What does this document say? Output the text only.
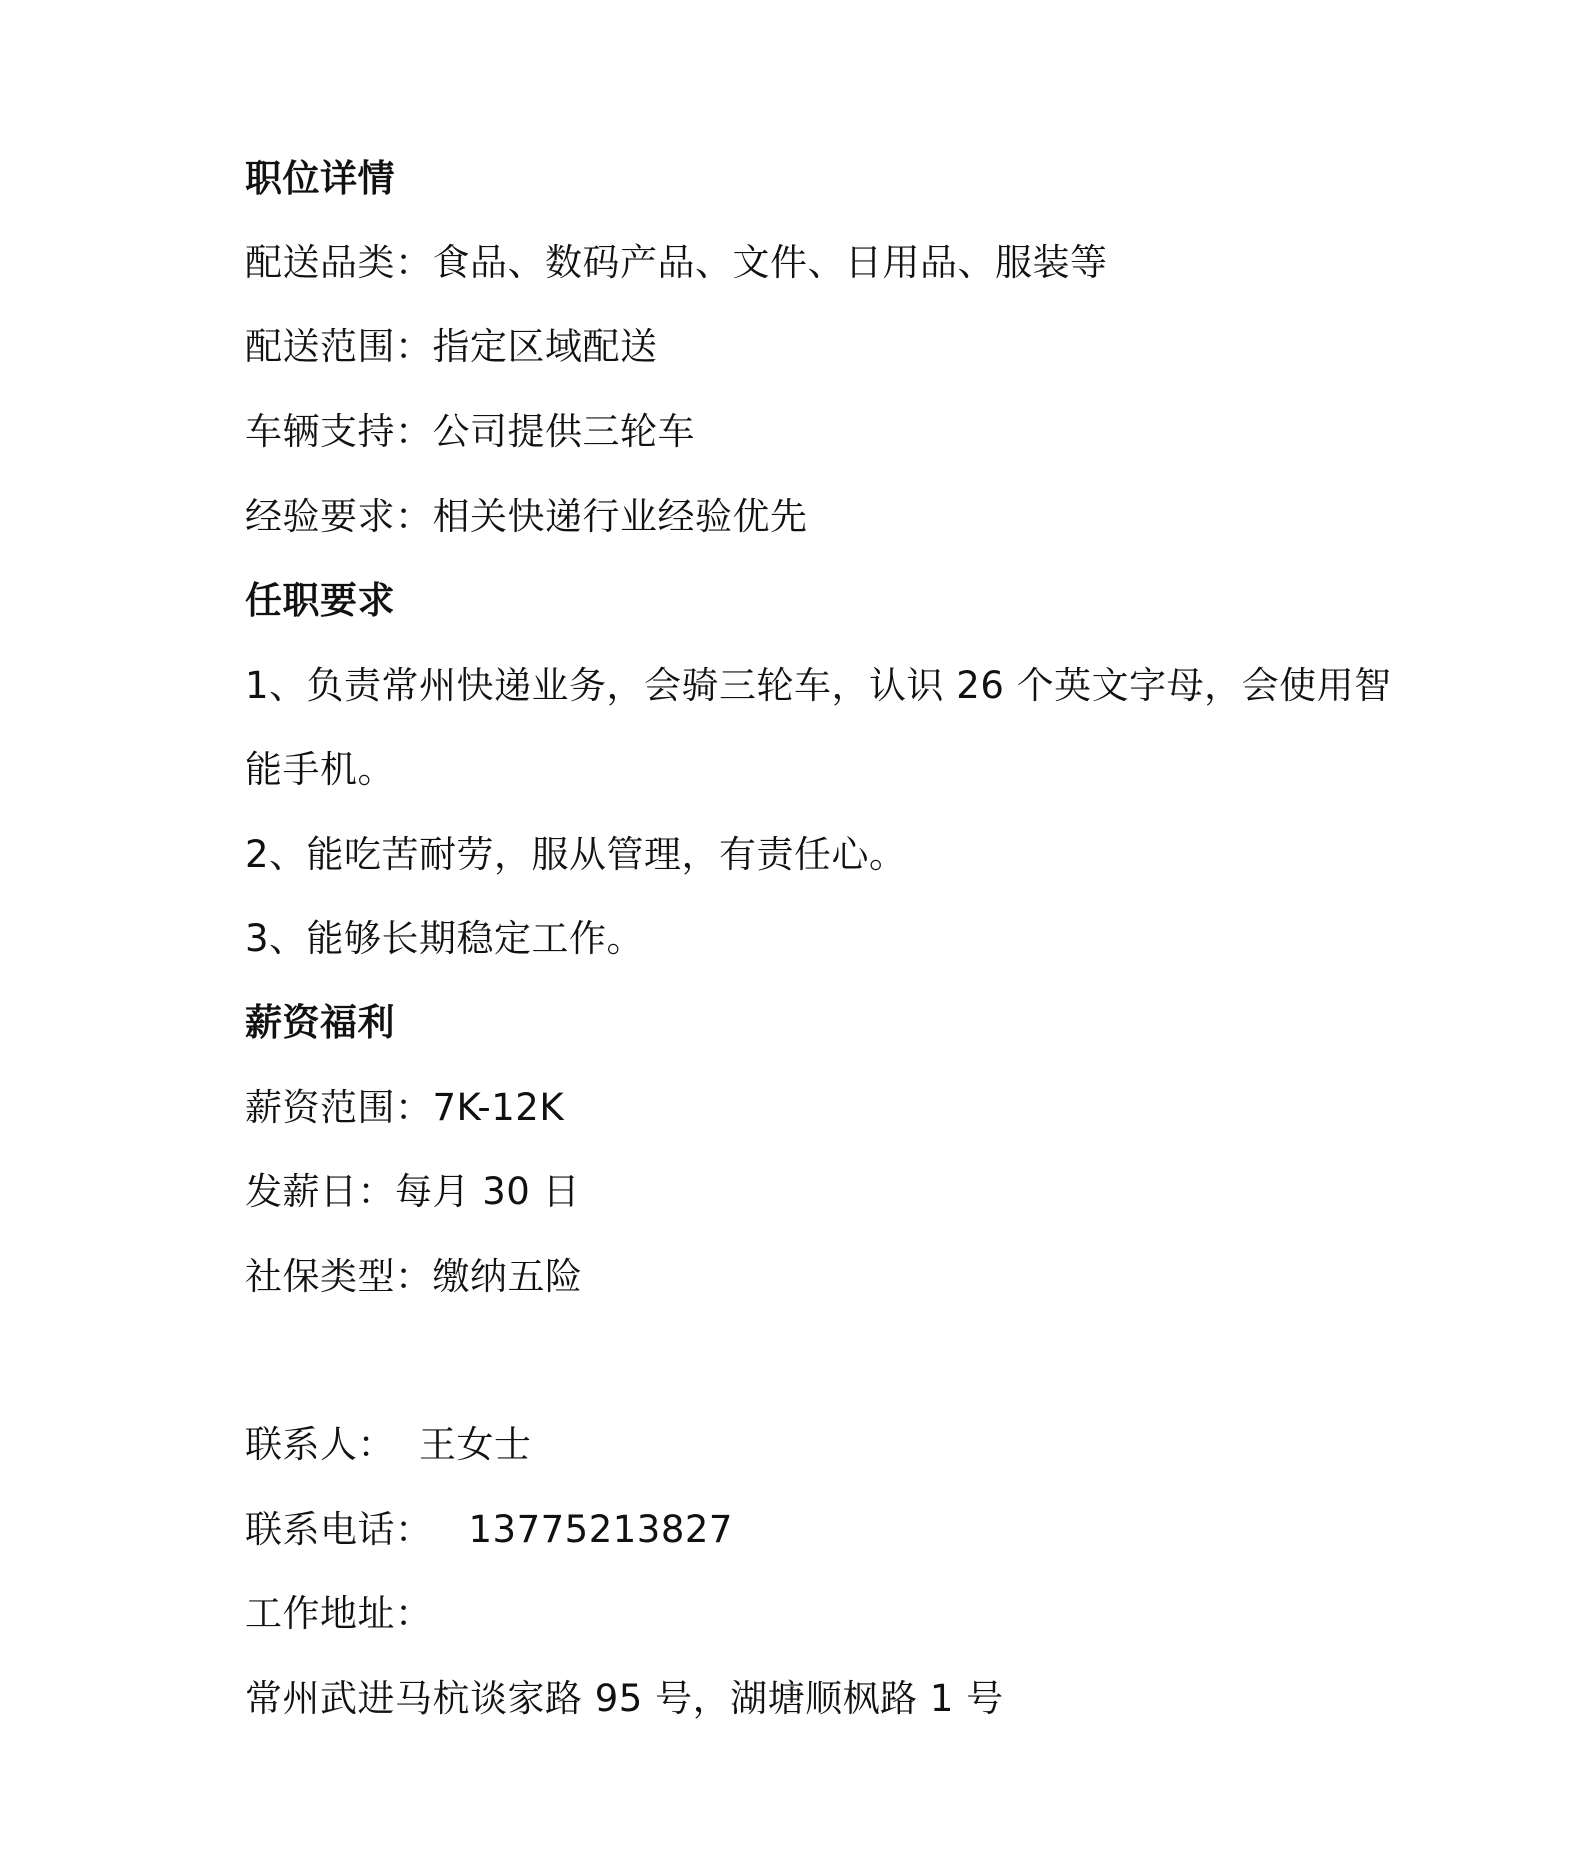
职位详情
配送品类：食品、数码产品、文件、日用品、服装等
配送范围：指定区域配送
车辆支持：公司提供三轮车
经验要求：相关快递行业经验优先
任职要求
1、负责常州快递业务，会骑三轮车，认识 26 个英文字母，会使用智
能手机。
2、能吃苦耐劳，服从管理，有责任心。
3、能够长期稳定工作。
薪资福利
薪资范围：7K-12K
发薪日：每月 30 日
社保类型：缴纳五险
联系人： 王女士
联系电话： 13775213827
工作地址：
常州武进马杭谈家路 95 号，湖塘顺枫路 1 号
